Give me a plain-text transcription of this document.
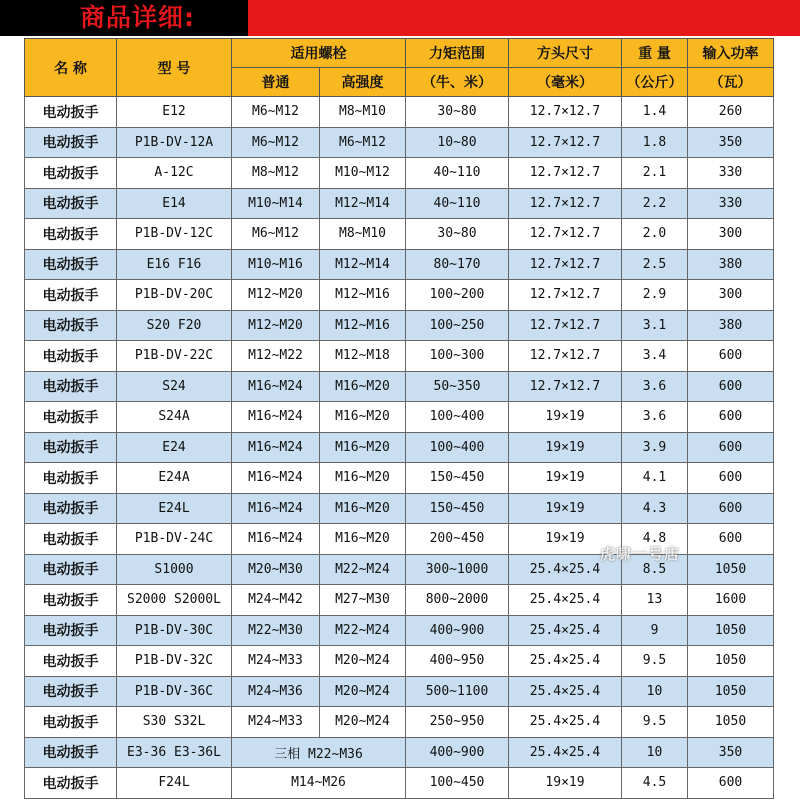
商品详细:
名 称	型 号	适用螺栓		力矩范围	方头尺寸	重 量	输入功率
		普通	高强度	（牛、米）	（毫米）	（公斤）	（瓦）
电动扳手	E12	M6~M12	M8~M10	30~80	12.7×12.7	1.4	260
电动扳手	P1B-DV-12A	M6~M12	M6~M12	10~80	12.7×12.7	1.8	350
电动扳手	A-12C	M8~M12	M10~M12	40~110	12.7×12.7	2.1	330
电动扳手	E14	M10~M14	M12~M14	40~110	12.7×12.7	2.2	330
电动扳手	P1B-DV-12C	M6~M12	M8~M10	30~80	12.7×12.7	2.0	300
电动扳手	E16 F16	M10~M16	M12~M14	80~170	12.7×12.7	2.5	380
电动扳手	P1B-DV-20C	M12~M20	M12~M16	100~200	12.7×12.7	2.9	300
电动扳手	S20 F20	M12~M20	M12~M16	100~250	12.7×12.7	3.1	380
电动扳手	P1B-DV-22C	M12~M22	M12~M18	100~300	12.7×12.7	3.4	600
电动扳手	S24	M16~M24	M16~M20	50~350	12.7×12.7	3.6	600
电动扳手	S24A	M16~M24	M16~M20	100~400	19×19	3.6	600
电动扳手	E24	M16~M24	M16~M20	100~400	19×19	3.9	600
电动扳手	E24A	M16~M24	M16~M20	150~450	19×19	4.1	600
电动扳手	E24L	M16~M24	M16~M20	150~450	19×19	4.3	600
电动扳手	P1B-DV-24C	M16~M24	M16~M20	200~450	19×19	4.8	600
电动扳手	S1000	M20~M30	M22~M24	300~1000	25.4×25.4	8.5	1050
电动扳手	S2000 S2000L	M24~M42	M27~M30	800~2000	25.4×25.4	13	1600
电动扳手	P1B-DV-30C	M22~M30	M22~M24	400~900	25.4×25.4	9	1050
电动扳手	P1B-DV-32C	M24~M33	M20~M24	400~950	25.4×25.4	9.5	1050
电动扳手	P1B-DV-36C	M24~M36	M20~M24	500~1100	25.4×25.4	10	1050
电动扳手	S30 S32L	M24~M33	M20~M24	250~950	25.4×25.4	9.5	1050
电动扳手	E3-36 E3-36L	三相 M22~M36		400~900	25.4×25.4	10	350
电动扳手	F24L	M14~M26		100~450	19×19	4.5	600
虎啸一号店
